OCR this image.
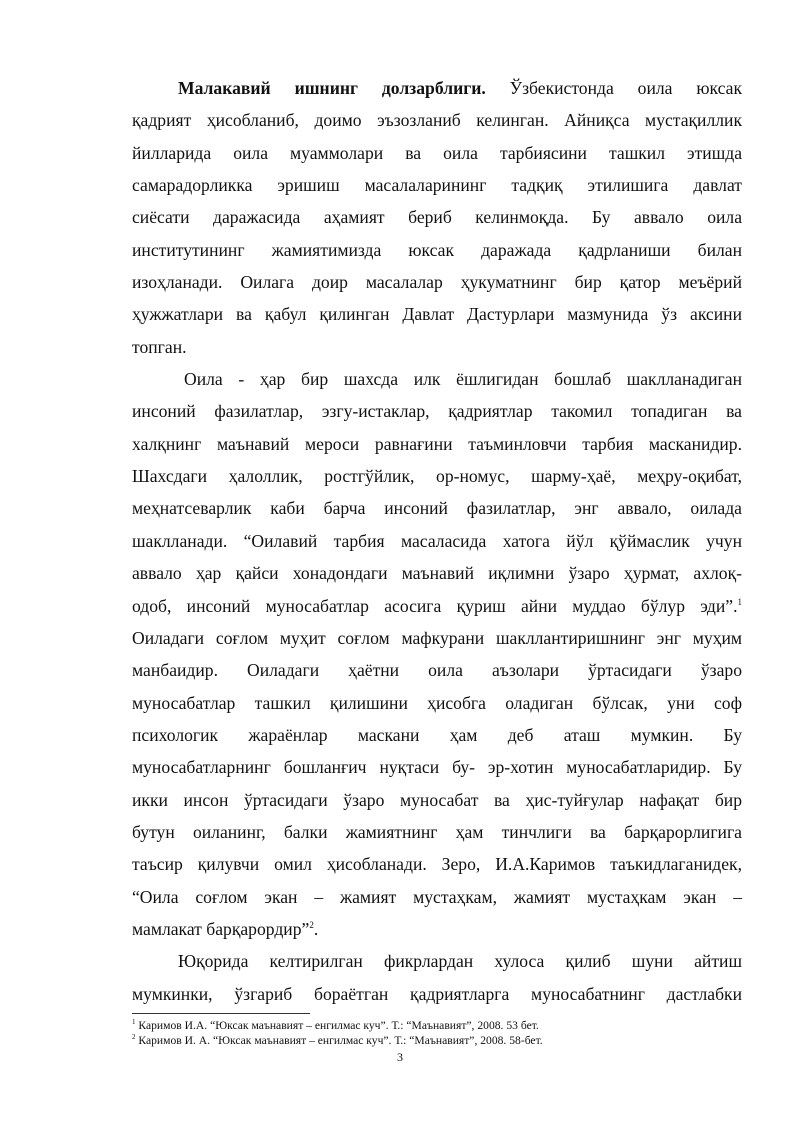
Малакавий ишнинг долзарблиги. Ўзбекистонда оила юксак
қадрият ҳисобланиб, доимо эъзозланиб келинган. Айниқса мустақиллик
йилларида оила муаммолари ва оила тарбиясини ташкил этишда
самарадорликка эришиш масалаларининг тадқиқ этилишига давлат
сиёсати даражасида аҳамият бериб келинмоқда. Бу аввало оила
институтининг жамиятимизда юксак даражада қадрланиши билан
изоҳланади. Оилага доир масалалар ҳукуматнинг бир қатор меъёрий
ҳужжатлари ва қабул қилинган Давлат Дастурлари мазмунида ўз аксини
топган.
Оила - ҳар бир шахсда илк ёшлигидан бошлаб шаклланадиган
инсоний фазилатлар, эзгу-истаклар, қадриятлар такомил топадиган ва
халқнинг маънавий мероси равнағини таъминловчи тарбия масканидир.
Шахсдаги ҳалоллик, ростгўйлик, ор-номус, шарму-ҳаё, меҳру-оқибат,
меҳнатсеварлик каби барча инсоний фазилатлар, энг аввало, оилада
шаклланади. “Оилавий тарбия масаласида хатога йўл қўймаслик учун
аввало ҳар қайси хонадондаги маънавий иқлимни ўзаро ҳурмат, ахлоқ-
одоб, инсоний муносабатлар асосига қуриш айни муддао бўлур эди”.$^1$
Оиладаги соғлом муҳит соғлом мафкурани шакллантиришнинг энг муҳим
манбаидир. Оиладаги ҳаётни оила аъзолари ўртасидаги ўзаро
муносабатлар ташкил қилишини ҳисобга оладиган бўлсак, уни соф
психологик жараёнлар маскани ҳам деб аташ мумкин. Бу
муносабатларнинг бошланғич нуқтаси бу- эр-хотин муносабатларидир. Бу
икки инсон ўртасидаги ўзаро муносабат ва ҳис-туйғулар нафақат бир
бутун оиланинг, балки жамиятнинг ҳам тинчлиги ва барқарорлигига
таъсир қилувчи омил ҳисобланади. Зеро, И.А.Каримов таъкидлаганидек,
“Оила соғлом экан – жамият мустаҳкам, жамият мустаҳкам экан –
мамлакат барқарордир”$^2$.
Юқорида келтирилган фикрлардан хулоса қилиб шуни айтиш
мумкинки, ўзгариб бораётган қадриятларга муносабатнинг дастлабки
$^1$ Каримов И.А. “Юксак маънавият – енгилмас куч”. Т.: “Маънавият”, 2008. 53 бет.
$^2$ Каримов И. А. “Юксак маънавият – енгилмас куч”. Т.: “Маънавият”, 2008. 58-бет.
3
